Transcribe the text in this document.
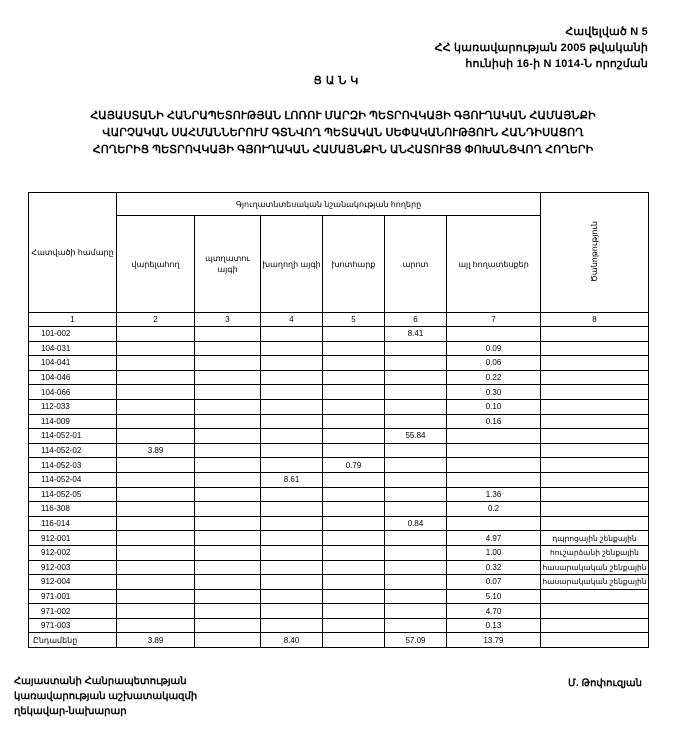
Հավելված N 5
ՀՀ կառավարության 2005 թվականի
հունիսի 16-ի N 1014-Ն որոշման
ՑԱՆԿ
ՀԱՅԱՍՏԱՆԻ ՀԱՆՐԱՊԵՏՈՒԹՅԱՆ ԼՈՌՈՒ ՄԱՐԶԻ ՊԵՏՐՈՎԿԱՅԻ ԳՅՈՒՂԱԿԱՆ ՀԱՄԱՅՆՔԻ
ՎԱՐՉԱԿԱՆ ՍԱՀՄԱՆՆԵՐՈՒՄ ԳՏՆՎՈՂ ՊԵՏԱԿԱՆ ՍԵՓԱԿԱՆՈՒԹՅՈՒՆ ՀԱՆԴԻՍԱՑՈՂ
ՀՈՂԵՐԻՑ ՊԵՏՐՈՎԿԱՅԻ ԳՅՈՒՂԱԿԱՆ ՀԱՄԱՅՆՔԻՆ ԱՆՀԱՏՈՒՅՑ ՓՈԽԱՆՑՎՈՂ ՀՈՂԵՐԻ
Հատվածի համարը	Գյուղատնտեսական նշանակության հողերը						Ծանոթություն
	վարելահող	պտղատու այգի	խաղողի այգի	խոտհարք	արոտ	այլ հողատեսքեր	
1	2	3	4	5	6	7	8
101-002					8.41		
104-031						0.09	
104-041						0.06	
104-046						0.22	
104-066						0.30	
112-033						0.10	
114-009						0.16	
114-052-01					55.84		
114-052-02	3.89						
114-052-03				0.79			
114-052-04			8.61				
114-052-05						1.36	
116-308						0.2	
116-014					0.84		
912-001						4.97	դպրոցային շենքային
912-002						1.00	հուշարձանի շենքային
912-003						0.32	հասարակական շենքային
912-004						0.07	հասարակական շենքային
971-001						5.10	
971-002						4.70	
971-003						0.13	
Ընդամենը	3.89		8.40		57.09	13.79	
Հայաստանի Հանրապետության
կառավարության աշխատակազմի
ղեկավար-նախարար
Մ. Թոփուզյան
